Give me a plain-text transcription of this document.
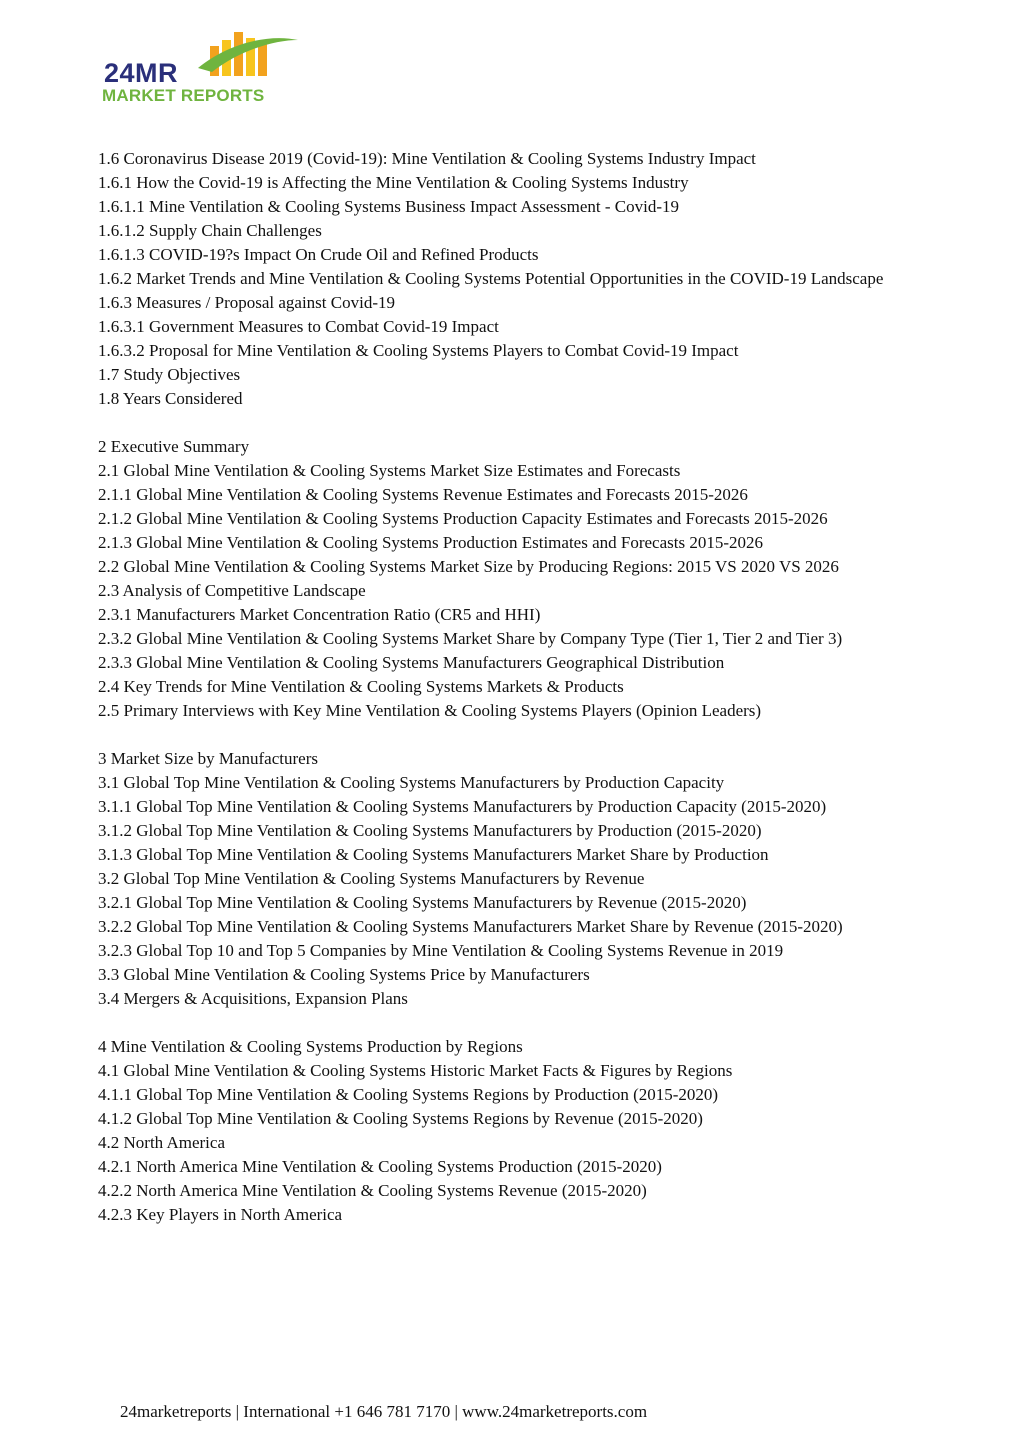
24MR
MARKET REPORTS
1.6 Coronavirus Disease 2019 (Covid-19): Mine Ventilation & Cooling Systems Industry Impact
1.6.1 How the Covid-19 is Affecting the Mine Ventilation & Cooling Systems Industry
1.6.1.1 Mine Ventilation & Cooling Systems Business Impact Assessment - Covid-19
1.6.1.2 Supply Chain Challenges
1.6.1.3 COVID-19?s Impact On Crude Oil and Refined Products
1.6.2 Market Trends and Mine Ventilation & Cooling Systems Potential Opportunities in the COVID-19 Landscape
1.6.3 Measures / Proposal against Covid-19
1.6.3.1 Government Measures to Combat Covid-19 Impact
1.6.3.2 Proposal for Mine Ventilation & Cooling Systems Players to Combat Covid-19 Impact
1.7 Study Objectives
1.8 Years Considered
2 Executive Summary
2.1 Global Mine Ventilation & Cooling Systems Market Size Estimates and Forecasts
2.1.1 Global Mine Ventilation & Cooling Systems Revenue Estimates and Forecasts 2015-2026
2.1.2 Global Mine Ventilation & Cooling Systems Production Capacity Estimates and Forecasts 2015-2026
2.1.3 Global Mine Ventilation & Cooling Systems Production Estimates and Forecasts 2015-2026
2.2 Global Mine Ventilation & Cooling Systems Market Size by Producing Regions: 2015 VS 2020 VS 2026
2.3 Analysis of Competitive Landscape
2.3.1 Manufacturers Market Concentration Ratio (CR5 and HHI)
2.3.2 Global Mine Ventilation & Cooling Systems Market Share by Company Type (Tier 1, Tier 2 and Tier 3)
2.3.3 Global Mine Ventilation & Cooling Systems Manufacturers Geographical Distribution
2.4 Key Trends for Mine Ventilation & Cooling Systems Markets & Products
2.5 Primary Interviews with Key Mine Ventilation & Cooling Systems Players (Opinion Leaders)
3 Market Size by Manufacturers
3.1 Global Top Mine Ventilation & Cooling Systems Manufacturers by Production Capacity
3.1.1 Global Top Mine Ventilation & Cooling Systems Manufacturers by Production Capacity (2015-2020)
3.1.2 Global Top Mine Ventilation & Cooling Systems Manufacturers by Production (2015-2020)
3.1.3 Global Top Mine Ventilation & Cooling Systems Manufacturers Market Share by Production
3.2 Global Top Mine Ventilation & Cooling Systems Manufacturers by Revenue
3.2.1 Global Top Mine Ventilation & Cooling Systems Manufacturers by Revenue (2015-2020)
3.2.2 Global Top Mine Ventilation & Cooling Systems Manufacturers Market Share by Revenue (2015-2020)
3.2.3 Global Top 10 and Top 5 Companies by Mine Ventilation & Cooling Systems Revenue in 2019
3.3 Global Mine Ventilation & Cooling Systems Price by Manufacturers
3.4 Mergers & Acquisitions, Expansion Plans
4 Mine Ventilation & Cooling Systems Production by Regions
4.1 Global Mine Ventilation & Cooling Systems Historic Market Facts & Figures by Regions
4.1.1 Global Top Mine Ventilation & Cooling Systems Regions by Production (2015-2020)
4.1.2 Global Top Mine Ventilation & Cooling Systems Regions by Revenue (2015-2020)
4.2 North America
4.2.1 North America Mine Ventilation & Cooling Systems Production (2015-2020)
4.2.2 North America Mine Ventilation & Cooling Systems Revenue (2015-2020)
4.2.3 Key Players in North America
24marketreports | International +1 646 781 7170 | www.24marketreports.com
